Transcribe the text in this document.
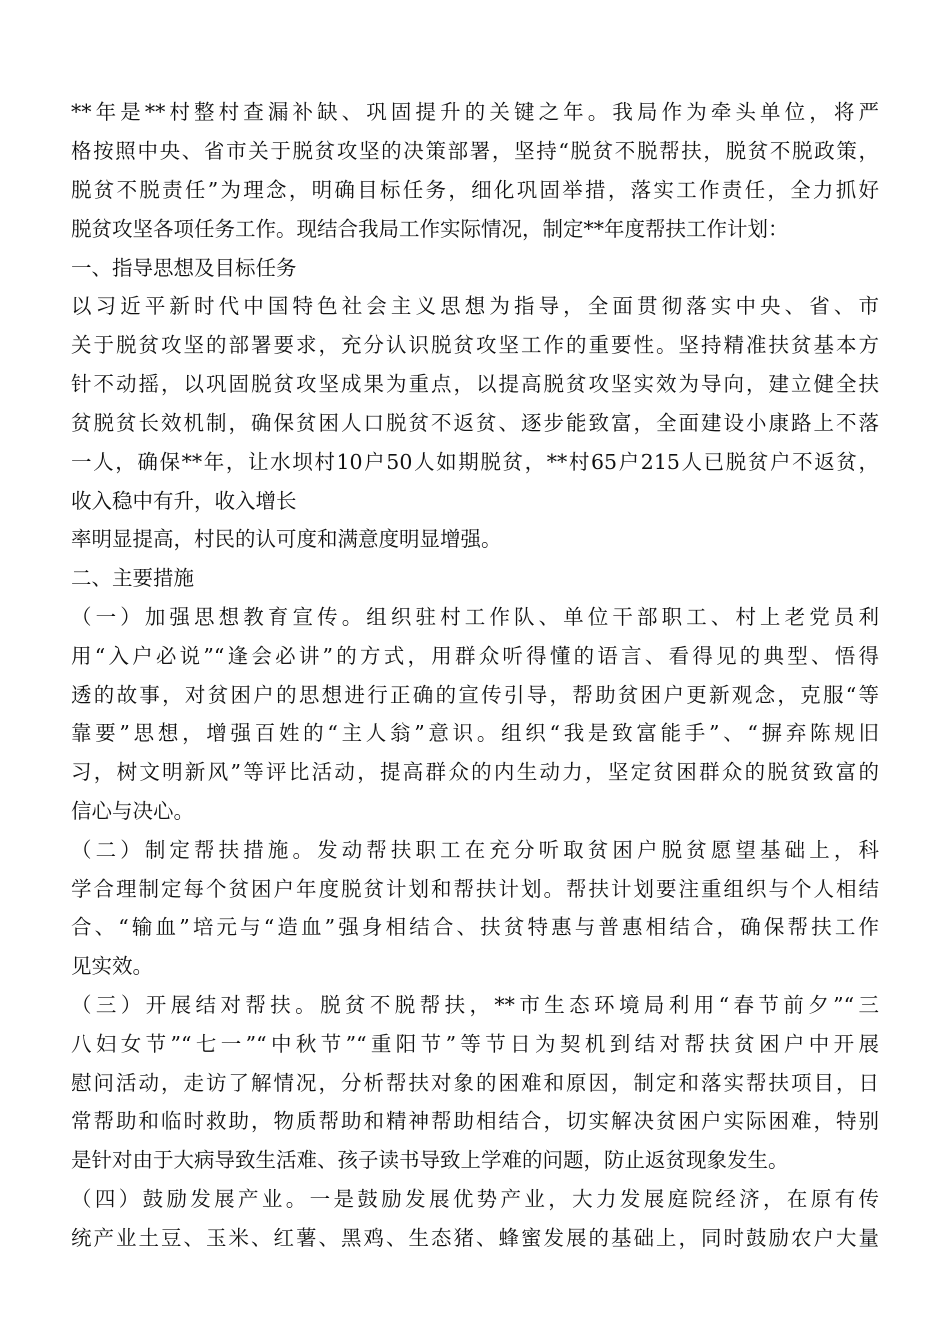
**年是**村整村查漏补缺、巩固提升的关键之年。我局作为牵头单位，将严

格按照中央、省市关于脱贫攻坚的决策部署，坚持“脱贫不脱帮扶，脱贫不脱政策，

脱贫不脱责任”为理念，明确目标任务，细化巩固举措，落实工作责任，全力抓好

脱贫攻坚各项任务工作。现结合我局工作实际情况，制定**年度帮扶工作计划：

一、指导思想及目标任务

以习近平新时代中国特色社会主义思想为指导，全面贯彻落实中央、省、市

关于脱贫攻坚的部署要求，充分认识脱贫攻坚工作的重要性。坚持精准扶贫基本方

针不动摇，以巩固脱贫攻坚成果为重点，以提高脱贫攻坚实效为导向，建立健全扶

贫脱贫长效机制，确保贫困人口脱贫不返贫、逐步能致富，全面建设小康路上不落

一人，确保**年，让水坝村10户50人如期脱贫，**村65户215人已脱贫户不返贫，

收入稳中有升，收入增长

率明显提高，村民的认可度和满意度明显增强。

二、主要措施

（一）加强思想教育宣传。组织驻村工作队、单位干部职工、村上老党员利

用“入户必说”“逢会必讲”的方式，用群众听得懂的语言、看得见的典型、悟得

透的故事，对贫困户的思想进行正确的宣传引导，帮助贫困户更新观念，克服“等

靠要”思想，增强百姓的“主人翁”意识。组织“我是致富能手”、“摒弃陈规旧

习，树文明新风”等评比活动，提高群众的内生动力，坚定贫困群众的脱贫致富的

信心与决心。

（二）制定帮扶措施。发动帮扶职工在充分听取贫困户脱贫愿望基础上，科

学合理制定每个贫困户年度脱贫计划和帮扶计划。帮扶计划要注重组织与个人相结

合、“输血”培元与“造血”强身相结合、扶贫特惠与普惠相结合，确保帮扶工作

见实效。

（三）开展结对帮扶。脱贫不脱帮扶，**市生态环境局利用“春节前夕”“三

八妇女节”“七一”“中秋节”“重阳节”等节日为契机到结对帮扶贫困户中开展

慰问活动，走访了解情况，分析帮扶对象的困难和原因，制定和落实帮扶项目，日

常帮助和临时救助，物质帮助和精神帮助相结合，切实解决贫困户实际困难，特别

是针对由于大病导致生活难、孩子读书导致上学难的问题，防止返贫现象发生。

（四）鼓励发展产业。一是鼓励发展优势产业，大力发展庭院经济，在原有传

统产业土豆、玉米、红薯、黑鸡、生态猪、蜂蜜发展的基础上，同时鼓励农户大量
